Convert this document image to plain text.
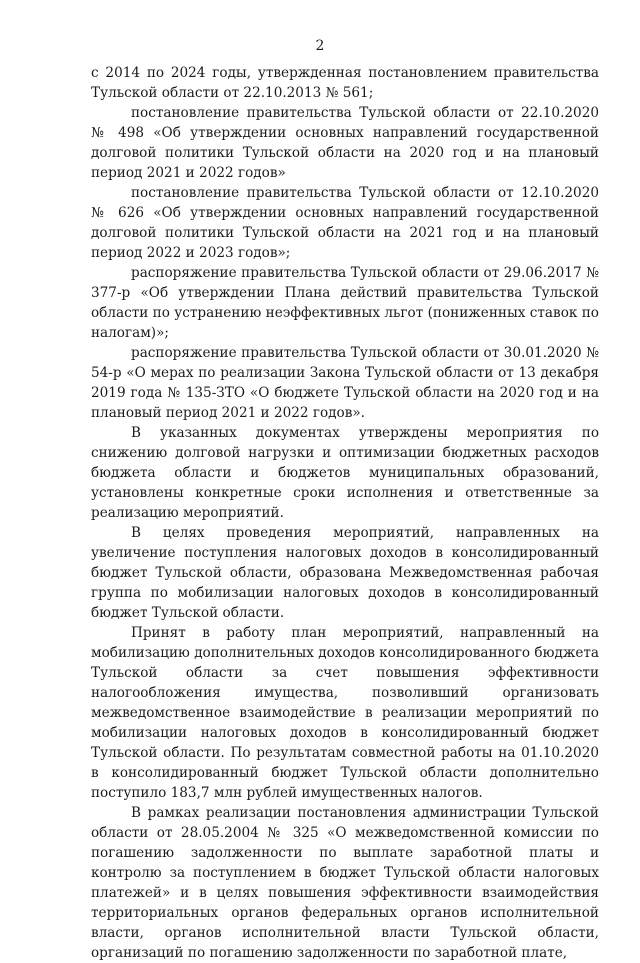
2

с 2014 по 2024 годы, утвержденная постановлением правительства Тульской области от 22.10.2013 № 561;

постановление правительства Тульской области от 22.10.2020 № 498 «Об утверждении основных направлений государственной долговой политики Тульской области на 2020 год и на плановый период 2021 и 2022 годов»

постановление правительства Тульской области от 12.10.2020 № 626 «Об утверждении основных направлений государственной долговой политики Тульской области на 2021 год и на плановый период 2022 и 2023 годов»;

распоряжение правительства Тульской области от 29.06.2017 № 377-р «Об утверждении Плана действий правительства Тульской области по устранению неэффективных льгот (пониженных ставок по налогам)»;

распоряжение правительства Тульской области от 30.01.2020 № 54-р «О мерах по реализации Закона Тульской области от 13 декабря 2019 года № 135-ЗТО «О бюджете Тульской области на 2020 год и на плановый период 2021 и 2022 годов».

В указанных документах утверждены мероприятия по снижению долговой нагрузки и оптимизации бюджетных расходов бюджета области и бюджетов муниципальных образований, установлены конкретные сроки исполнения и ответственные за реализацию мероприятий.

В целях проведения мероприятий, направленных на увеличение поступления налоговых доходов в консолидированный бюджет Тульской области, образована Межведомственная рабочая группа по мобилизации налоговых доходов в консолидированный бюджет Тульской области.

Принят в работу план мероприятий, направленный на мобилизацию дополнительных доходов консолидированного бюджета Тульской области за счет повышения эффективности налогообложения имущества, позволивший организовать межведомственное взаимодействие в реализации мероприятий по мобилизации налоговых доходов в консолидированный бюджет Тульской области. По результатам совместной работы на 01.10.2020 в консолидированный бюджет Тульской области дополнительно поступило 183,7 млн рублей имущественных налогов.

В рамках реализации постановления администрации Тульской области от 28.05.2004 № 325 «О межведомственной комиссии по погашению задолженности по выплате заработной платы и контролю за поступлением в бюджет Тульской области налоговых платежей» и в целях повышения эффективности взаимодействия территориальных органов федеральных органов исполнительной власти, органов исполнительной власти Тульской области, организаций по погашению задолженности по заработной плате,
